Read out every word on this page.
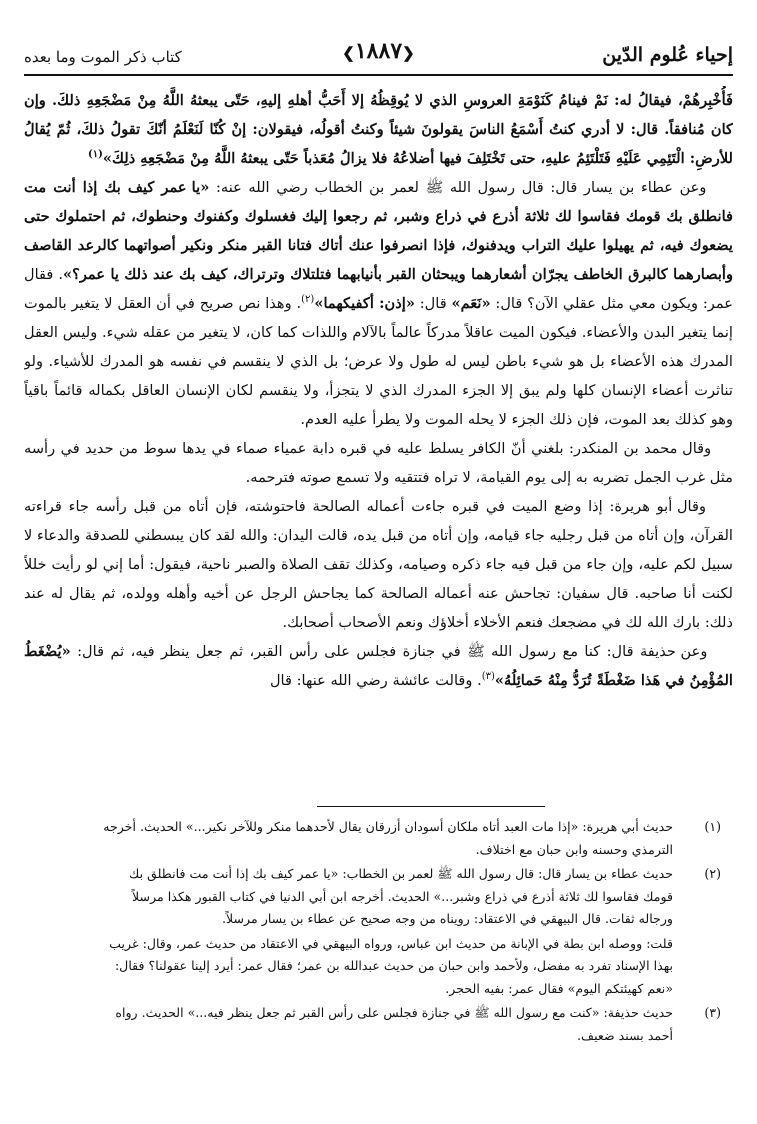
إحياء عُلوم الدّين
❮١٨٨٧❯
كتاب ذكر الموت وما بعده

فَأُخْبِرهُمْ، فيقالُ له: نَمْ فينامُ كَنَوْمَةِ العروسِ الذي لا يُوقِظُهُ إلا أَحَبُّ أهلهِ إليهِ، حَتّى يبعثهُ اللَّهُ مِنْ مَضْجَعِهِ ذلكَ. وإن كان مُنافقاً. قال: لا أدري كنتُ أَسْمَعُ الناسَ يقولونَ شيئاً وكنتُ أقولُه، فيقولان: إنْ كُنّا لَنَعْلَمُ أنّكَ تقولُ ذلكَ، ثُمّ يُقالُ للأرضِ: الْتَئِمِي عَلَيْهِ فَتَلْتَئِمُ عليهِ، حتى تَخْتَلِفَ فيها أضلاعُهُ فلا يزالُ مُعَذباً حَتّى يبعثهُ اللَّهُ مِنْ مَضْجَعِهِ ذلِكَ»$^{(١)}$

وعن عطاء بن يسار قال: قال رسول الله ﷺ لعمر بن الخطاب رضي الله عنه: «يا عمر كيف بك إذا أنت مت فانطلق بك قومك فقاسوا لك ثلاثة أذرع في ذراع وشبر، ثم رجعوا إليك فغسلوك وكفنوك وحنطوك، ثم احتملوك حتى يضعوك فيه، ثم يهيلوا عليك التراب ويدفنوك، فإذا انصرفوا عنك أتاك فتانا القبر منكر ونكير أصواتهما كالرعد القاصف وأبصارهما كالبرق الخاطف يجرّان أشعارهما ويبحثان القبر بأنيابهما فتلتلاك وترتراك، كيف بك عند ذلك يا عمر؟». فقال عمر: ويكون معي مثل عقلي الآن؟ قال: «نَعَم» قال: «إذن: أكفيكهما»$^{(٢)}$. وهذا نص صريح في أن العقل لا يتغير بالموت إنما يتغير البدن والأعضاء. فيكون الميت عاقلاً مدركاً عالماً بالآلام واللذات كما كان، لا يتغير من عقله شيء. وليس العقل المدرك هذه الأعضاء بل هو شيء باطن ليس له طول ولا عرض؛ بل الذي لا ينقسم في نفسه هو المدرك للأشياء. ولو تناثرت أعضاء الإنسان كلها ولم يبق إلا الجزء المدرك الذي لا يتجزأ، ولا ينقسم لكان الإنسان العاقل بكماله قائماً باقياً وهو كذلك بعد الموت، فإن ذلك الجزء لا يحله الموت ولا يطرأ عليه العدم.

وقال محمد بن المنكدر: بلغني أنّ الكافر يسلط عليه في قبره دابة عمياء صماء في يدها سوط من حديد في رأسه مثل غرب الجمل تضربه به إلى يوم القيامة، لا تراه فتتقيه ولا تسمع صوته فترحمه.

وقال أبو هريرة: إذا وضع الميت في قبره جاءت أعماله الصالحة فاحتوشته، فإن أتاه من قبل رأسه جاء قراءته القرآن، وإن أتاه من قبل رجليه جاء قيامه، وإن أتاه من قبل يده، قالت اليدان: والله لقد كان يبسطني للصدقة والدعاء لا سبيل لكم عليه، وإن جاء من قبل فيه جاء ذكره وصيامه، وكذلك تقف الصلاة والصبر ناحية، فيقول: أما إني لو رأيت خللاً لكنت أنا صاحبه. قال سفيان: تجاحش عنه أعماله الصالحة كما يجاحش الرجل عن أخيه وأهله وولده، ثم يقال له عند ذلك: بارك الله لك في مضجعك فنعم الأخلاء أخلاؤك ونعم الأصحاب أصحابك.

وعن حذيفة قال: كنا مع رسول الله ﷺ في جنازة فجلس على رأس القبر، ثم جعل ينظر فيه، ثم قال: «يُضْغَطُ المُؤْمِنُ في هَذا ضَغْطَةً تُرَدُّ مِنْهُ حَمائِلُهُ»$^{(٣)}$. وقالت عائشة رضي الله عنها: قال

(١)
حديث أبي هريرة: «إذا مات العبد أتاه ملكان أسودان أزرقان يقال لأحدهما منكر وللآخر نكير...» الحديث. أخرجه
الترمذي وحسنه وابن حبان مع اختلاف.
(٢)
حديث عطاء بن يسار قال: قال رسول الله ﷺ لعمر بن الخطاب: «يا عمر كيف بك إذا أنت مت فانطلق بك
قومك فقاسوا لك ثلاثة أذرع في ذراع وشبر...» الحديث. أخرجه ابن أبي الدنيا في كتاب القبور هكذا مرسلاً
ورجاله ثقات. قال البيهقي في الاعتقاد: رويناه من وجه صحيح عن عطاء بن يسار مرسلاً.
قلت: ووصله ابن بطة في الإبانة من حديث ابن عباس، ورواه البيهقي في الاعتقاد من حديث عمر، وقال: غريب
بهذا الإسناد تفرد به مفضل، ولأحمد وابن حبان من حديث عبدالله بن عمر؛ فقال عمر: أيرد إلينا عقولنا؟ فقال:
«نعم كهيئتكم اليوم» فقال عمر: بفيه الحجر.
(٣)
حديث حذيفة: «كنت مع رسول الله ﷺ في جنازة فجلس على رأس القبر ثم جعل ينظر فيه...» الحديث. رواه
أحمد بسند ضعيف.
